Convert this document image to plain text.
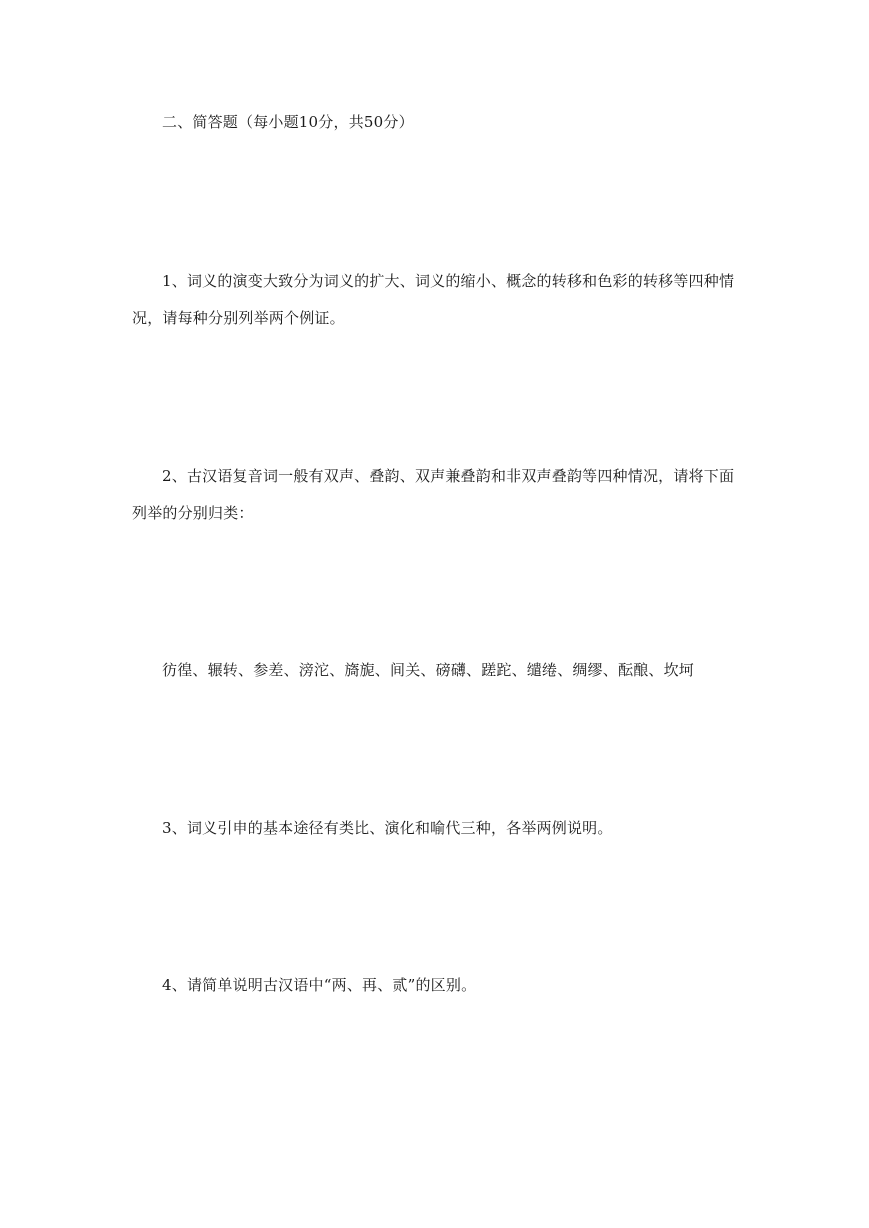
二、简答题（每小题10分，共50分）
1、词义的演变大致分为词义的扩大、词义的缩小、概念的转移和色彩的转移等四种情
况，请每种分别列举两个例证。
2、古汉语复音词一般有双声、叠韵、双声兼叠韵和非双声叠韵等四种情况，请将下面
列举的分别归类：
彷徨、辗转、参差、滂沱、旖旎、间关、磅礴、蹉跎、缱绻、绸缪、酝酿、坎坷
3、词义引申的基本途径有类比、演化和喻代三种，各举两例说明。
4、请简单说明古汉语中“两、再、贰”的区别。
